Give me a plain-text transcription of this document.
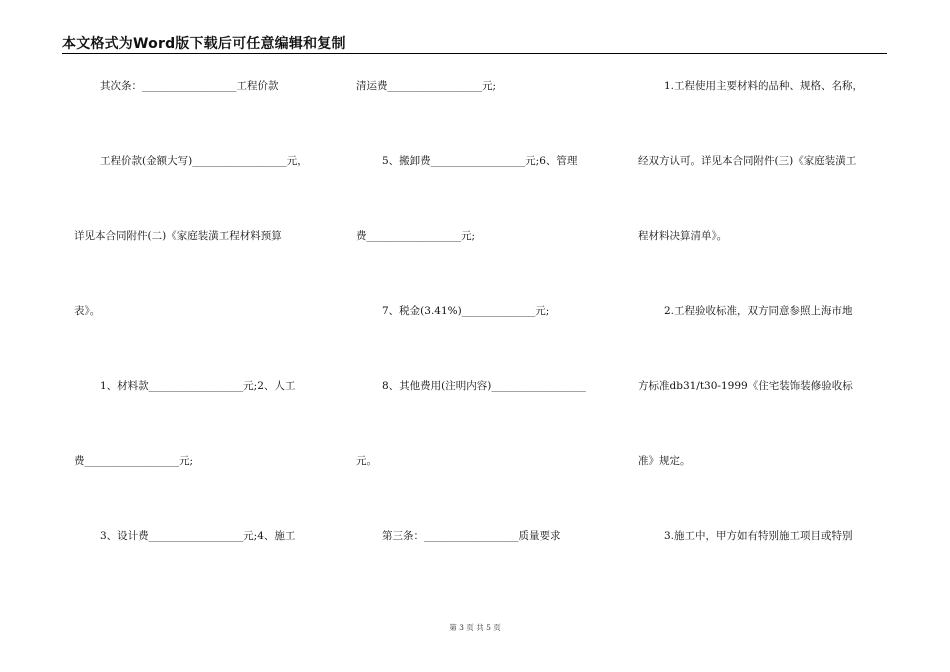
本文格式为Word版下载后可任意编辑和复制
其次条：__________________工程价款
工程价款(金额大写)__________________元，
详见本合同附件(二)《家庭装潢工程材料预算
表》。
1、材料款__________________元;2、人工
费__________________元;
3、设计费__________________元;4、施工
清运费__________________元;
5、搬卸费__________________元;6、管理
费__________________元;
7、税金(3.41%)______________元;
8、其他费用(注明内容)__________________
元。
第三条：__________________质量要求
1.工程使用主要材料的品种、规格、名称，
经双方认可。详见本合同附件(三)《家庭装潢工
程材料决算清单》。
2.工程验收标准，双方同意参照上海市地
方标准db31/t30-1999《住宅装饰装修验收标
准》规定。
3.施工中，甲方如有特别施工项目或特别
第 3 页 共 5 页
